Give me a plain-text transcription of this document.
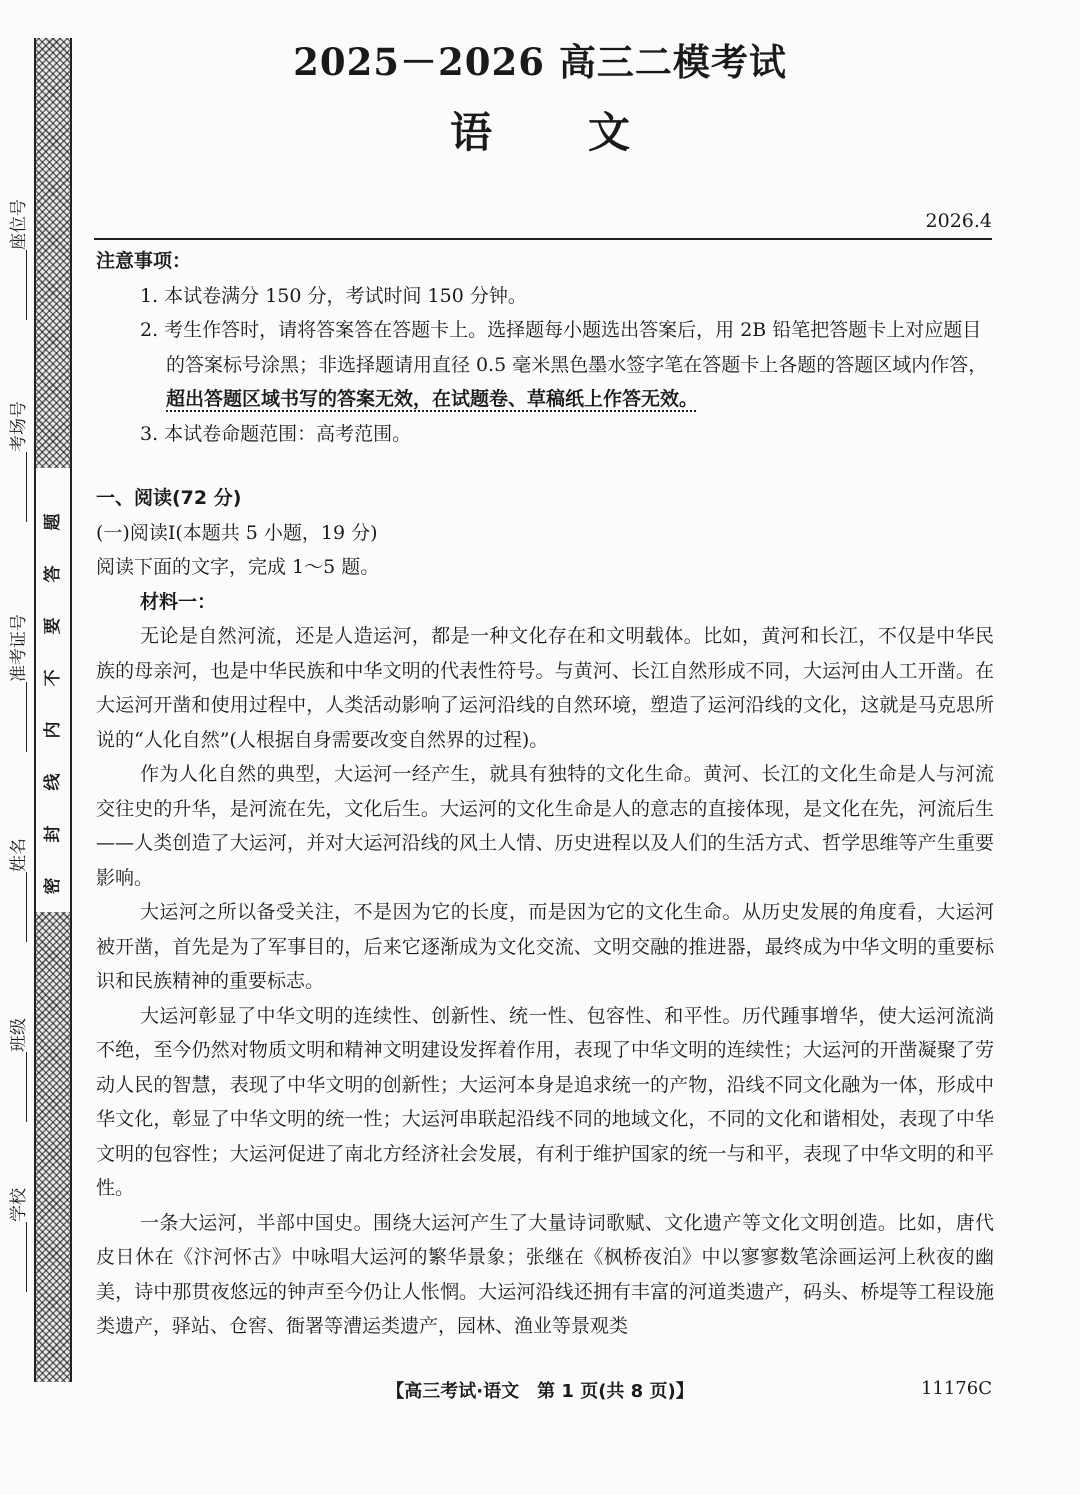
题
答
要
不
内
线
封
密
座位号
考场号
准考证号
姓名
班级
学校
2025－2026 高三二模考试
语文
2026.4

注意事项：

1. 本试卷满分 150 分，考试时间 150 分钟。
2. 考生作答时，请将答案答在答题卡上。选择题每小题选出答案后，用 2B 铅笔把答题卡上对应题目的答案标号涂黑；非选择题请用直径 0.5 毫米黑色墨水签字笔在答题卡上各题的答题区域内作答，超出答题区域书写的答案无效，在试题卷、草稿纸上作答无效。
3. 本试卷命题范围：高考范围。

一、阅读(72 分)

(一)阅读Ⅰ(本题共 5 小题，19 分)

阅读下面的文字，完成 1～5 题。

材料一：

无论是自然河流，还是人造运河，都是一种文化存在和文明载体。比如，黄河和长江，不仅是中华民族的母亲河，也是中华民族和中华文明的代表性符号。与黄河、长江自然形成不同，大运河由人工开凿。在大运河开凿和使用过程中，人类活动影响了运河沿线的自然环境，塑造了运河沿线的文化，这就是马克思所说的“人化自然”(人根据自身需要改变自然界的过程)。

作为人化自然的典型，大运河一经产生，就具有独特的文化生命。黄河、长江的文化生命是人与河流交往史的升华，是河流在先，文化后生。大运河的文化生命是人的意志的直接体现，是文化在先，河流后生——人类创造了大运河，并对大运河沿线的风土人情、历史进程以及人们的生活方式、哲学思维等产生重要影响。

大运河之所以备受关注，不是因为它的长度，而是因为它的文化生命。从历史发展的角度看，大运河被开凿，首先是为了军事目的，后来它逐渐成为文化交流、文明交融的推进器，最终成为中华文明的重要标识和民族精神的重要标志。

大运河彰显了中华文明的连续性、创新性、统一性、包容性、和平性。历代踵事增华，使大运河流淌不绝，至今仍然对物质文明和精神文明建设发挥着作用，表现了中华文明的连续性；大运河的开凿凝聚了劳动人民的智慧，表现了中华文明的创新性；大运河本身是追求统一的产物，沿线不同文化融为一体，形成中华文化，彰显了中华文明的统一性；大运河串联起沿线不同的地域文化，不同的文化和谐相处，表现了中华文明的包容性；大运河促进了南北方经济社会发展，有利于维护国家的统一与和平，表现了中华文明的和平性。

一条大运河，半部中国史。围绕大运河产生了大量诗词歌赋、文化遗产等文化文明创造。比如，唐代皮日休在《汴河怀古》中咏唱大运河的繁华景象；张继在《枫桥夜泊》中以寥寥数笔涂画运河上秋夜的幽美，诗中那贯夜悠远的钟声至今仍让人怅惘。大运河沿线还拥有丰富的河道类遗产，码头、桥堤等工程设施类遗产，驿站、仓窖、衙署等漕运类遗产，园林、渔业等景观类

【高三考试·语文　第 1 页(共 8 页)】	11176C
